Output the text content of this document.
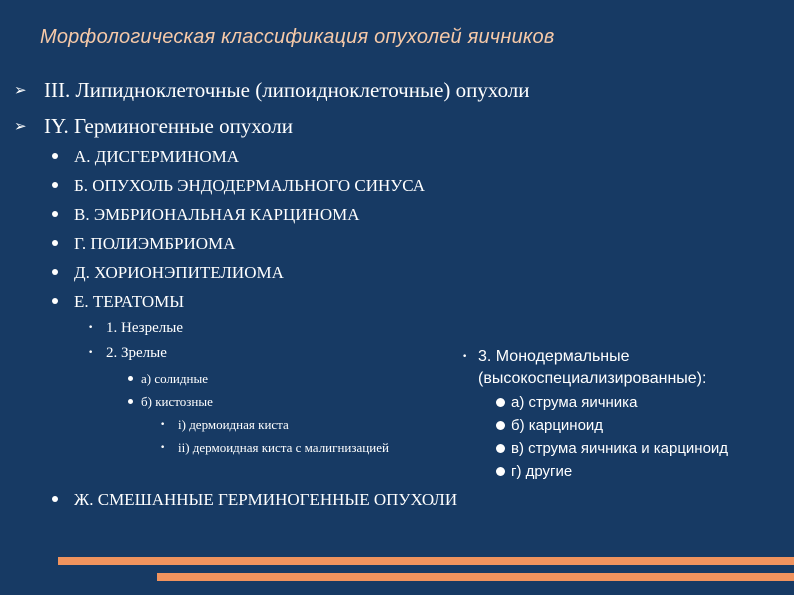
Морфологическая классификация опухолей яичников
➢ III. Липидноклеточные (липоидноклеточные) опухоли
➢ IY. Герминогенные опухоли
А. ДИСГЕРМИНОМА
Б. ОПУХОЛЬ ЭНДОДЕРМАЛЬНОГО СИНУСА
В. ЭМБРИОНАЛЬНАЯ КАРЦИНОМА
Г. ПОЛИЭМБРИОМА
Д. ХОРИОНЭПИТЕЛИОМА
Е. ТЕРАТОМЫ
• 1. Незрелые
• 2. Зрелые
а) солидные
б) кистозные
• i) дермоидная киста
• ii) дермоидная киста с малигнизацией
• 3. Монодермальные
(высокоспециализированные):
а) струма яичника
б) карциноид
в) струма яичника и карциноид
г) другие
Ж. СМЕШАННЫЕ ГЕРМИНОГЕННЫЕ ОПУХОЛИ
